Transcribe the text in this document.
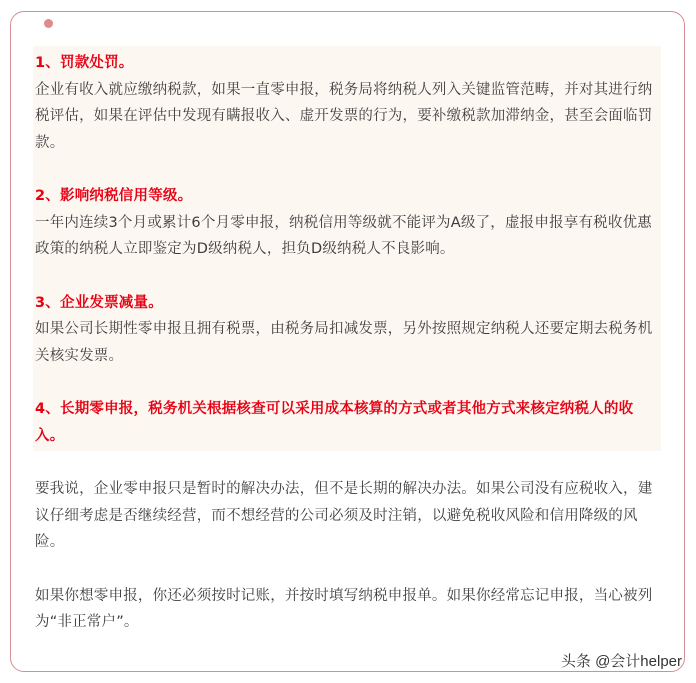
1、罚款处罚。

企业有收入就应缴纳税款，如果一直零申报，税务局将纳税人列入关键监管范畴，并对其进行纳税评估，如果在评估中发现有瞒报收入、虚开发票的行为，要补缴税款加滞纳金，甚至会面临罚款。

2、影响纳税信用等级。

一年内连续3个月或累计6个月零申报，纳税信用等级就不能评为A级了，虚报申报享有税收优惠政策的纳税人立即鉴定为D级纳税人，担负D级纳税人不良影响。

3、企业发票减量。

如果公司长期性零申报且拥有税票，由税务局扣减发票，另外按照规定纳税人还要定期去税务机关核实发票。

4、长期零申报，税务机关根据核查可以采用成本核算的方式或者其他方式来核定纳税人的收入。

要我说，企业零申报只是暂时的解决办法，但不是长期的解决办法。如果公司没有应税收入，建议仔细考虑是否继续经营，而不想经营的公司必须及时注销，以避免税收风险和信用降级的风险。

如果你想零申报，你还必须按时记账，并按时填写纳税申报单。如果你经常忘记申报，当心被列为“非正常户”。

头条 @会计helper
